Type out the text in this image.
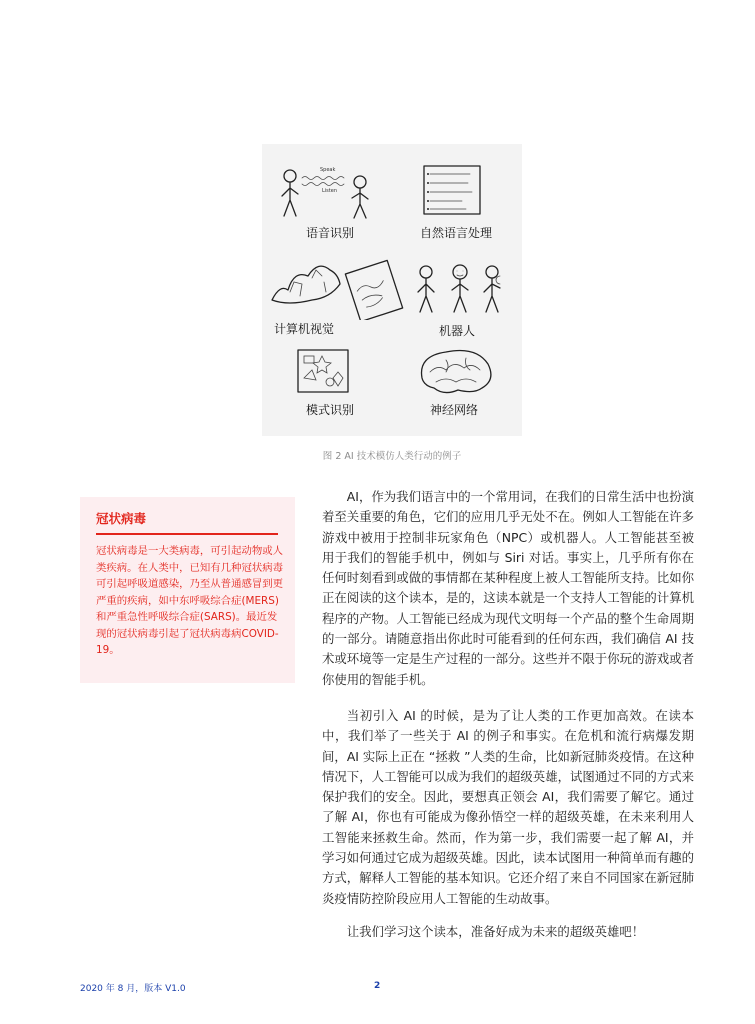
Speak
Listen
语音识别	自然语言处理
计算机视觉	机器人
模式识别	神经网络
图 2 AI 技术模仿人类行动的例子
冠状病毒
冠状病毒是一大类病毒，可引起动物或人类疾病。在人类中，已知有几种冠状病毒可引起呼吸道感染，乃至从普通感冒到更严重的疾病，如中东呼吸综合症(MERS)和严重急性呼吸综合症(SARS)。最近发现的冠状病毒引起了冠状病毒病COVID-19。

AI，作为我们语言中的一个常用词，在我们的日常生活中也扮演着至关重要的角色，它们的应用几乎无处不在。例如人工智能在许多游戏中被用于控制非玩家角色（NPC）或机器人。人工智能甚至被用于我们的智能手机中，例如与 Siri 对话。事实上，几乎所有你在任何时刻看到或做的事情都在某种程度上被人工智能所支持。比如你正在阅读的这个读本，是的，这读本就是一个支持人工智能的计算机程序的产物。人工智能已经成为现代文明每一个产品的整个生命周期的一部分。请随意指出你此时可能看到的任何东西，我们确信 AI 技术或环境等一定是生产过程的一部分。这些并不限于你玩的游戏或者你使用的智能手机。

当初引入 AI 的时候，是为了让人类的工作更加高效。在读本中，我们举了一些关于 AI 的例子和事实。在危机和流行病爆发期间，AI 实际上正在 “拯救 ”人类的生命，比如新冠肺炎疫情。在这种情况下，人工智能可以成为我们的超级英雄，试图通过不同的方式来保护我们的安全。因此，要想真正领会 AI，我们需要了解它。通过了解 AI，你也有可能成为像孙悟空一样的超级英雄，在未来利用人工智能来拯救生命。然而，作为第一步，我们需要一起了解 AI，并学习如何通过它成为超级英雄。因此，读本试图用一种简单而有趣的方式，解释人工智能的基本知识。它还介绍了来自不同国家在新冠肺炎疫情防控阶段应用人工智能的生动故事。

让我们学习这个读本，准备好成为未来的超级英雄吧！

2020 年 8 月，版本 V1.0	2
